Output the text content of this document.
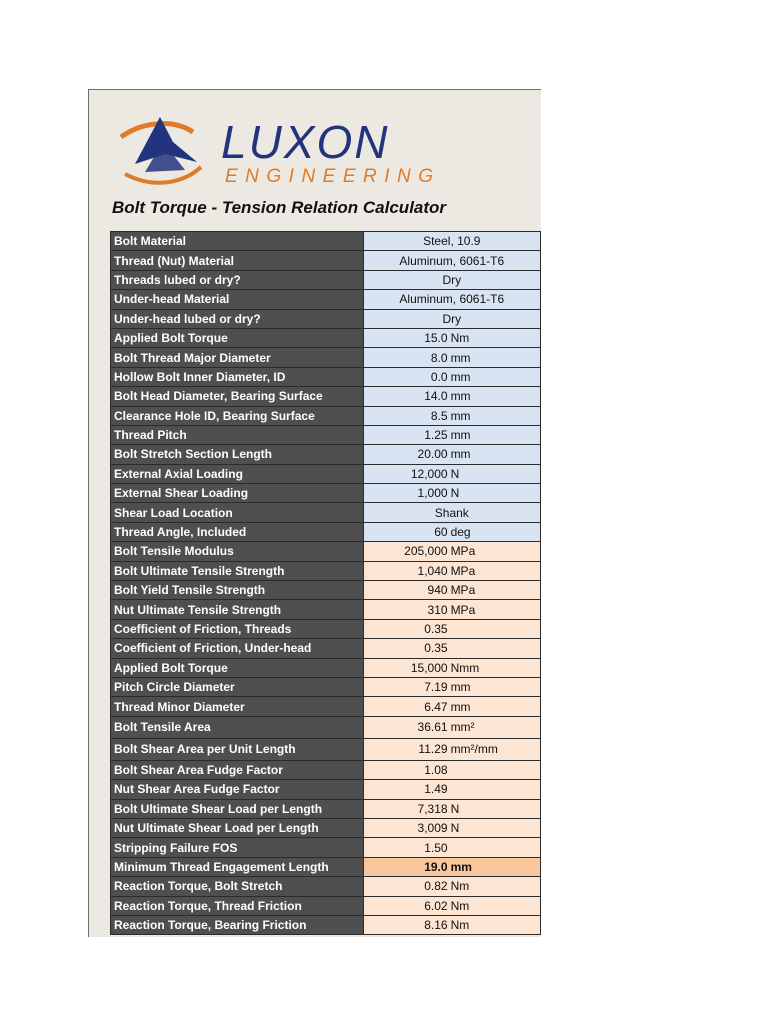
LUXON
ENGINEERING
Bolt Torque - Tension Relation Calculator
Bolt Material	Steel, 10.9
Thread (Nut) Material	Aluminum, 6061-T6
Threads lubed or dry?	Dry
Under-head Material	Aluminum, 6061-T6
Under-head lubed or dry?	Dry
Applied Bolt Torque	15.0 Nm
Bolt Thread Major Diameter	8.0 mm
Hollow Bolt Inner Diameter, ID	0.0 mm
Bolt Head Diameter, Bearing Surface	14.0 mm
Clearance Hole ID, Bearing Surface	8.5 mm
Thread Pitch	1.25 mm
Bolt Stretch Section Length	20.00 mm
External Axial Loading	12,000 N
External Shear Loading	1,000 N
Shear Load Location	Shank
Thread Angle, Included	60 deg
Bolt Tensile Modulus	205,000 MPa
Bolt Ultimate Tensile Strength	1,040 MPa
Bolt Yield Tensile Strength	940 MPa
Nut Ultimate Tensile Strength	310 MPa
Coefficient of Friction, Threads	0.35
Coefficient of Friction, Under-head	0.35
Applied Bolt Torque	15,000 Nmm
Pitch Circle Diameter	7.19 mm
Thread Minor Diameter	6.47 mm
Bolt Tensile Area	36.61 mm²
Bolt Shear Area per Unit Length	11.29 mm²/mm
Bolt Shear Area Fudge Factor	1.08
Nut Shear Area Fudge Factor	1.49
Bolt Ultimate Shear Load per Length	7,318 N
Nut Ultimate Shear Load per Length	3,009 N
Stripping Failure FOS	1.50
Minimum Thread Engagement Length	19.0 mm
Reaction Torque, Bolt Stretch	0.82 Nm
Reaction Torque, Thread Friction	6.02 Nm
Reaction Torque, Bearing Friction	8.16 Nm
